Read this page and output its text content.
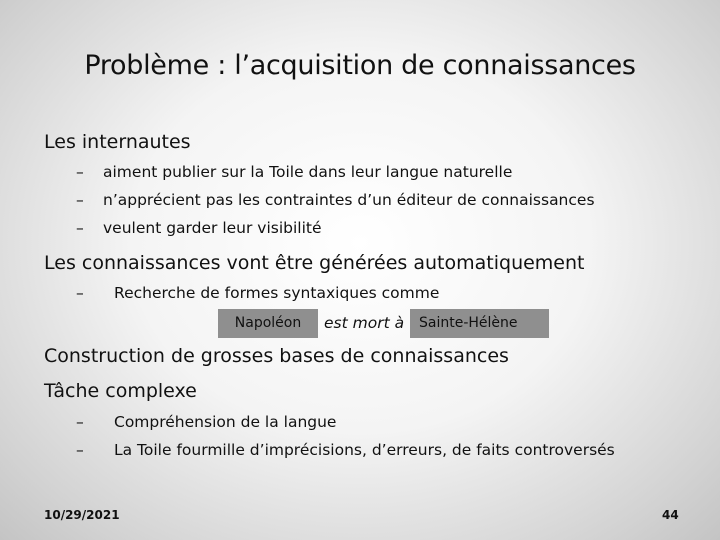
Problème : l’acquisition de connaissances
Les internautes
– aiment publier sur la Toile dans leur langue naturelle
– n’apprécient pas les contraintes d’un éditeur de connaissances
– veulent garder leur visibilité
Les connaissances vont être générées automatiquement
– Recherche de formes syntaxiques comme
Napoléon	est mort à	Sainte-Hélène
Construction de grosses bases de connaissances
Tâche complexe
– Compréhension de la langue
– La Toile fourmille d’imprécisions, d’erreurs, de faits controversés
10/29/2021	44
